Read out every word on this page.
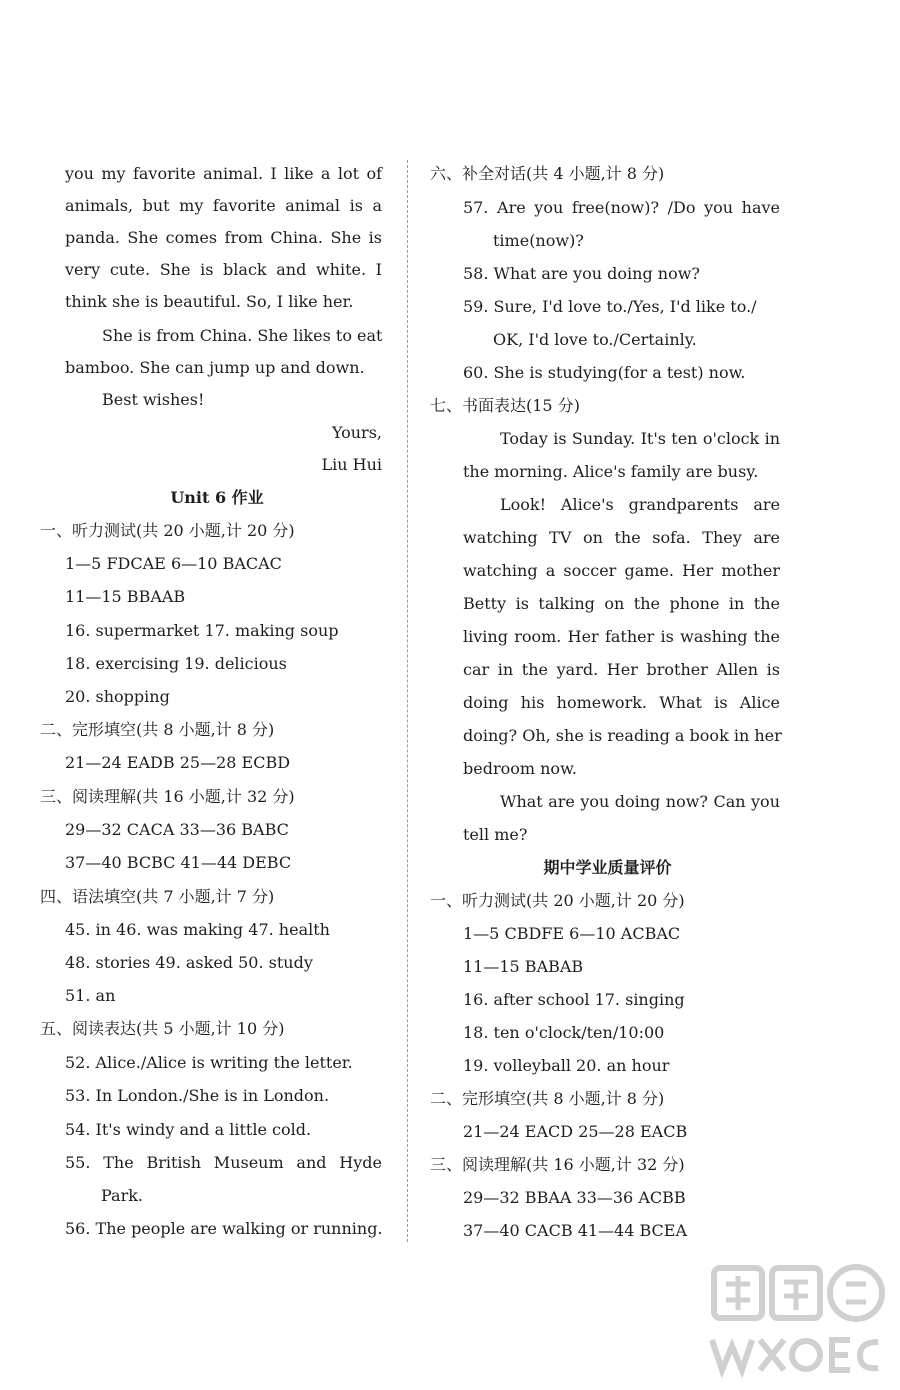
you my favorite animal. I like a lot of
animals, but my favorite animal is a
panda. She comes from China. She is
very cute. She is black and white. I
think she is beautiful. So, I like her.
She is from China. She likes to eat
bamboo. She can jump up and down.
Best wishes!
Yours,
Liu Hui
Unit 6 作业
一、听力测试(共 20 小题,计 20 分)
1—5 FDCAE 6—10 BACAC
11—15 BBAAB
16. supermarket 17. making soup
18. exercising 19. delicious
20. shopping
二、完形填空(共 8 小题,计 8 分)
21—24 EADB 25—28 ECBD
三、阅读理解(共 16 小题,计 32 分)
29—32 CACA 33—36 BABC
37—40 BCBC 41—44 DEBC
四、语法填空(共 7 小题,计 7 分)
45. in 46. was making 47. health
48. stories 49. asked 50. study
51. an
五、阅读表达(共 5 小题,计 10 分)
52. Alice./Alice is writing the letter.
53. In London./She is in London.
54. It's windy and a little cold.
55. The British Museum and Hyde
Park.
56. The people are walking or running.
六、补全对话(共 4 小题,计 8 分)
57. Are you free(now)? /Do you have
time(now)?
58. What are you doing now?
59. Sure, I'd love to./Yes, I'd like to./
OK, I'd love to./Certainly.
60. She is studying(for a test) now.
七、书面表达(15 分)
Today is Sunday. It's ten o'clock in
the morning. Alice's family are busy.
Look! Alice's grandparents are
watching TV on the sofa. They are
watching a soccer game. Her mother
Betty is talking on the phone in the
living room. Her father is washing the
car in the yard. Her brother Allen is
doing his homework. What is Alice
doing? Oh, she is reading a book in her
bedroom now.
What are you doing now? Can you
tell me?
期中学业质量评价
一、听力测试(共 20 小题,计 20 分)
1—5 CBDFE 6—10 ACBAC
11—15 BABAB
16. after school 17. singing
18. ten o'clock/ten/10:00
19. volleyball 20. an hour
二、完形填空(共 8 小题,计 8 分)
21—24 EACD 25—28 EACB
三、阅读理解(共 16 小题,计 32 分)
29—32 BBAA 33—36 ACBB
37—40 CACB 41—44 BCEA
